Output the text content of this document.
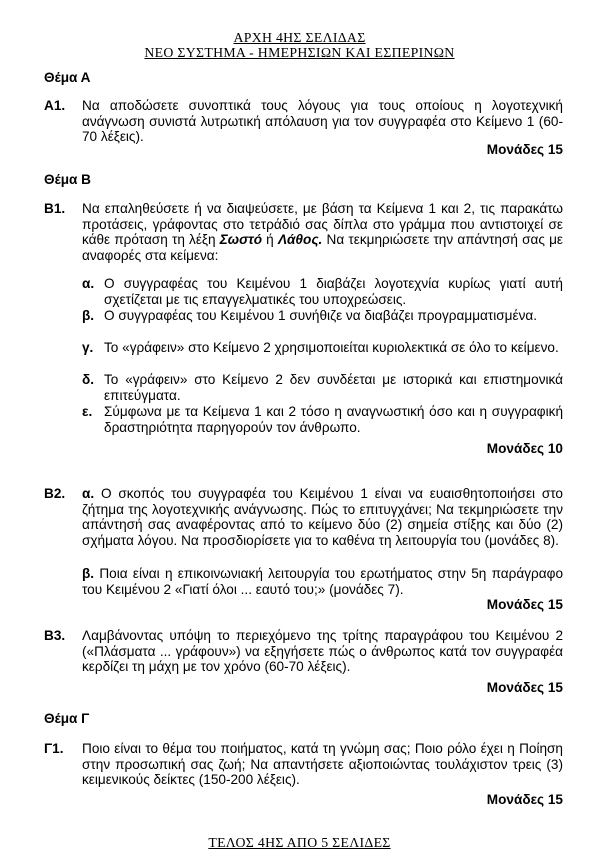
ΑΡΧΗ 4ΗΣ ΣΕΛΙΔΑΣ
ΝΕΟ ΣΥΣΤΗΜΑ - ΗΜΕΡΗΣΙΩΝ ΚΑΙ ΕΣΠΕΡΙΝΩΝ
Θέμα Α
Α1. Να αποδώσετε συνοπτικά τους λόγους για τους οποίους η λογοτεχνική ανάγνωση συνιστά λυτρωτική απόλαυση για τον συγγραφέα στο Κείμενο 1 (60-70 λέξεις).
Μονάδες 15
Θέμα Β
Β1. Να επαληθεύσετε ή να διαψεύσετε, με βάση τα Κείμενα 1 και 2, τις παρακάτω προτάσεις, γράφοντας στο τετράδιό σας δίπλα στο γράμμα που αντιστοιχεί σε κάθε πρόταση τη λέξη Σωστό ή Λάθος. Να τεκμηριώσετε την απάντησή σας με αναφορές στα κείμενα:
α. Ο συγγραφέας του Κειμένου 1 διαβάζει λογοτεχνία κυρίως γιατί αυτή σχετίζεται με τις επαγγελματικές του υποχρεώσεις.
β. Ο συγγραφέας του Κειμένου 1 συνήθιζε να διαβάζει προγραμματισμένα.
γ. Το «γράφειν» στο Κείμενο 2 χρησιμοποιείται κυριολεκτικά σε όλο το κείμενο.
δ. Το «γράφειν» στο Κείμενο 2 δεν συνδέεται με ιστορικά και επιστημονικά επιτεύγματα.
ε. Σύμφωνα με τα Κείμενα 1 και 2 τόσο η αναγνωστική όσο και η συγγραφική δραστηριότητα παρηγορούν τον άνθρωπο.
Μονάδες 10
Β2. α. Ο σκοπός του συγγραφέα του Κειμένου 1 είναι να ευαισθητοποιήσει στο ζήτημα της λογοτεχνικής ανάγνωσης. Πώς το επιτυγχάνει; Να τεκμηριώσετε την απάντησή σας αναφέροντας από το κείμενο δύο (2) σημεία στίξης και δύο (2) σχήματα λόγου. Να προσδιορίσετε για το καθένα τη λειτουργία του (μονάδες 8).
β. Ποια είναι η επικοινωνιακή λειτουργία του ερωτήματος στην 5η παράγραφο του Κειμένου 2 «Γιατί όλοι ... εαυτό του;» (μονάδες 7).
Μονάδες 15
Β3. Λαμβάνοντας υπόψη το περιεχόμενο της τρίτης παραγράφου του Κειμένου 2 («Πλάσματα ... γράφουν») να εξηγήσετε πώς ο άνθρωπος κατά τον συγγραφέα κερδίζει τη μάχη με τον χρόνο (60-70 λέξεις).
Μονάδες 15
Θέμα Γ
Γ1. Ποιο είναι το θέμα του ποιήματος, κατά τη γνώμη σας; Ποιο ρόλο έχει η Ποίηση στην προσωπική σας ζωή; Να απαντήσετε αξιοποιώντας τουλάχιστον τρεις (3) κειμενικούς δείκτες (150-200 λέξεις).
Μονάδες 15
ΤΕΛΟΣ 4ΗΣ ΑΠΟ 5 ΣΕΛΙΔΕΣ
